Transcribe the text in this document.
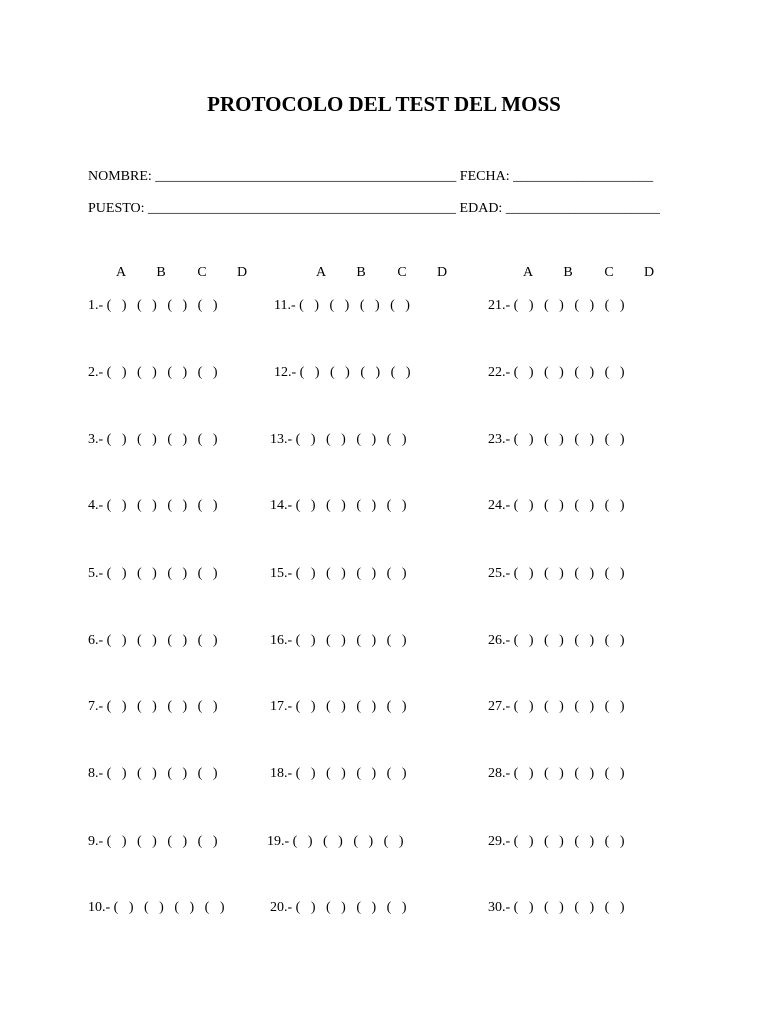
PROTOCOLO DEL TEST DEL MOSS
NOMBRE: ___________________________________________ FECHA: ____________________
PUESTO: ____________________________________________ EDAD: ______________________
A	B	C	D
1.- (   ) (   ) (   ) (   )
2.- (   ) (   ) (   ) (   )
3.- (   ) (   ) (   ) (   )
4.- (   ) (   ) (   ) (   )
5.- (   ) (   ) (   ) (   )
6.- (   ) (   ) (   ) (   )
7.- (   ) (   ) (   ) (   )
8.- (   ) (   ) (   ) (   )
9.- (   ) (   ) (   ) (   )
10.- (   ) (   ) (   ) (   )
A	B	C	D
11.- (   ) (   ) (   ) (   )
12.- (   ) (   ) (   ) (   )
13.- (   ) (   ) (   ) (   )
14.- (   ) (   ) (   ) (   )
15.- (   ) (   ) (   ) (   )
16.- (   ) (   ) (   ) (   )
17.- (   ) (   ) (   ) (   )
18.- (   ) (   ) (   ) (   )
19.- (   ) (   ) (   ) (   )
20.- (   ) (   ) (   ) (   )
A	B	C	D
21.- (   ) (   ) (   ) (   )
22.- (   ) (   ) (   ) (   )
23.- (   ) (   ) (   ) (   )
24.- (   ) (   ) (   ) (   )
25.- (   ) (   ) (   ) (   )
26.- (   ) (   ) (   ) (   )
27.- (   ) (   ) (   ) (   )
28.- (   ) (   ) (   ) (   )
29.- (   ) (   ) (   ) (   )
30.- (   ) (   ) (   ) (   )
